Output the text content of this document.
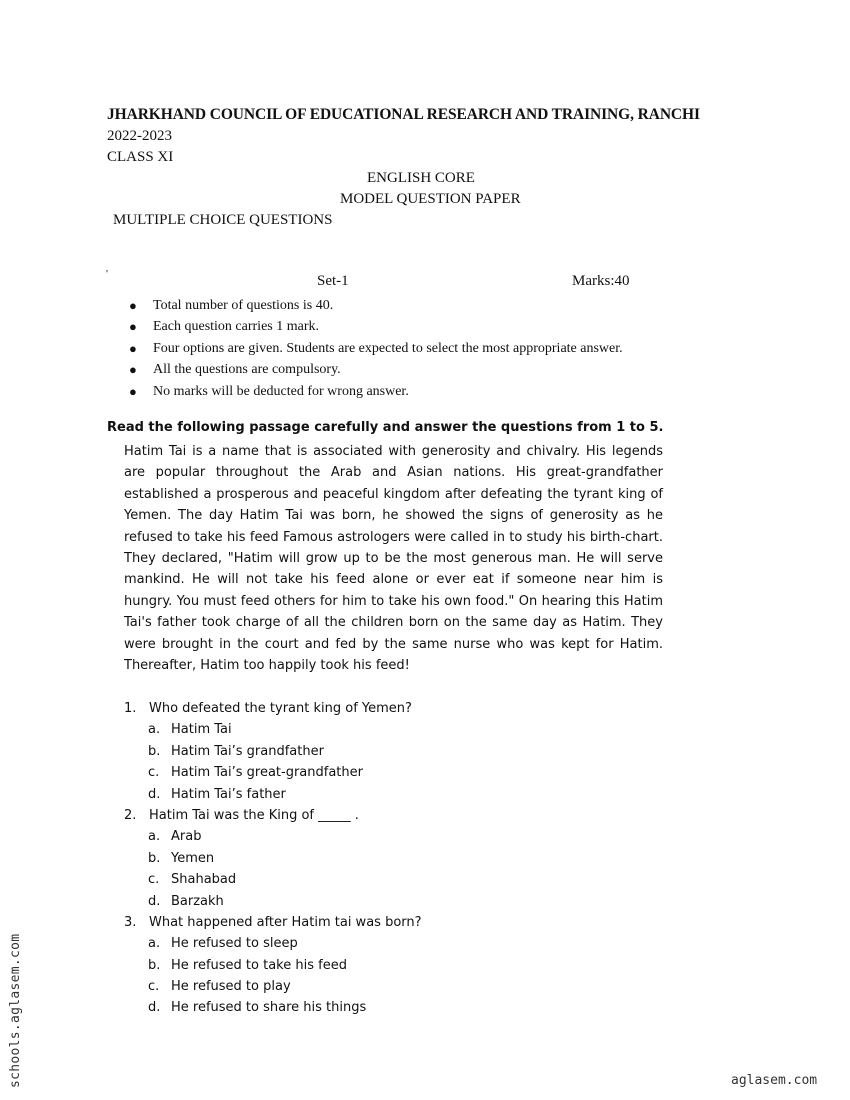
JHARKHAND COUNCIL OF EDUCATIONAL RESEARCH AND TRAINING, RANCHI
2022-2023
CLASS XI
ENGLISH CORE
MODEL QUESTION PAPER
MULTIPLE CHOICE QUESTIONS
'	Set-1	Marks:40
● Total number of questions is 40.
● Each question carries 1 mark.
● Four options are given. Students are expected to select the most appropriate answer.
● All the questions are compulsory.
● No marks will be deducted for wrong answer.
Read the following passage carefully and answer the questions from 1 to 5.

Hatim Tai is a name that is associated with generosity and chivalry. His legends are popular throughout the Arab and Asian nations. His great-grandfather established a prosperous and peaceful kingdom after defeating the tyrant king of Yemen. The day Hatim Tai was born, he showed the signs of generosity as he refused to take his feed Famous astrologers were called in to study his birth-chart. They declared, "Hatim will grow up to be the most generous man. He will serve mankind. He will not take his feed alone or ever eat if someone near him is hungry. You must feed others for him to take his own food." On hearing this Hatim Tai's father took charge of all the children born on the same day as Hatim. They were brought in the court and fed by the same nurse who was kept for Hatim. Thereafter, Hatim too happily took his feed!

1. Who defeated the tyrant king of Yemen?
a. Hatim Tai
b. Hatim Tai’s grandfather
c. Hatim Tai’s great-grandfather
d. Hatim Tai’s father
2. Hatim Tai was the King of _____ .
a. Arab
b. Yemen
c. Shahabad
d. Barzakh
3. What happened after Hatim tai was born?
a. He refused to sleep
b. He refused to take his feed
c. He refused to play
d. He refused to share his things
schools.aglasem.com	aglasem.com
